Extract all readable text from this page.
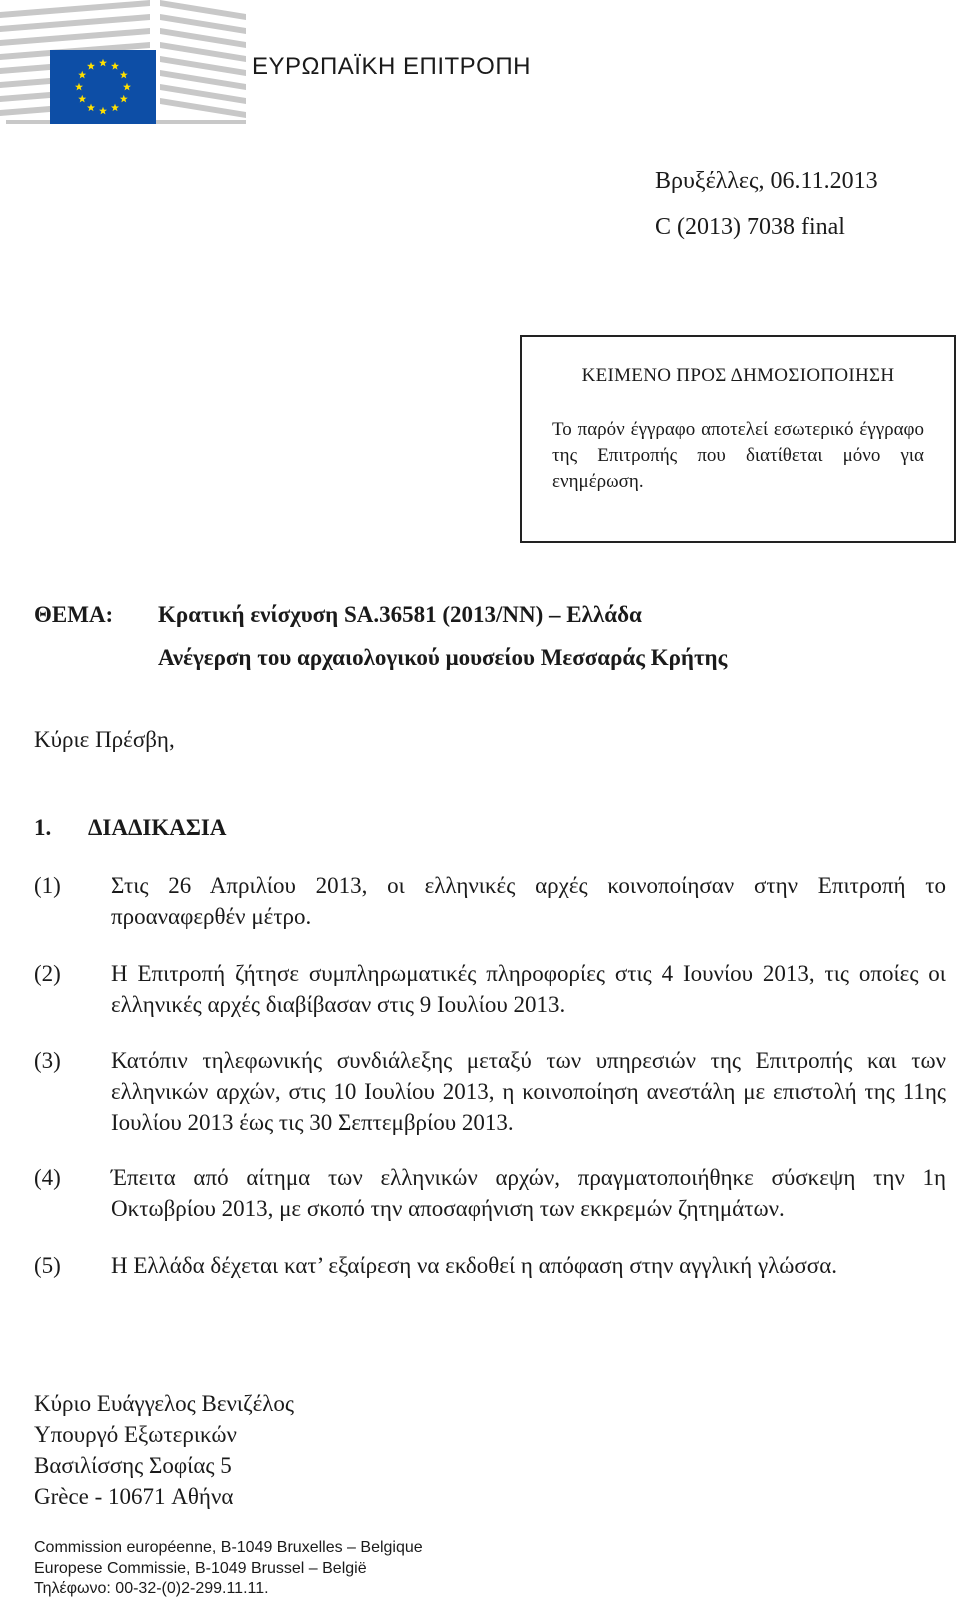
ΕΥΡΩΠΑΪΚΗ ΕΠΙΤΡΟΠΗ
Βρυξέλλες, 06.11.2013
C (2013) 7038 final
ΚΕΙΜΕΝΟ ΠΡΟΣ ΔΗΜΟΣΙΟΠΟΙΗΣΗ
Το παρόν έγγραφο αποτελεί εσωτερικό έγγραφο της Επιτροπής που διατίθεται μόνο για ενημέρωση.
ΘΕΜΑ: Κρατική ενίσχυση SA.36581 (2013/NN) – Ελλάδα
Ανέγερση του αρχαιολογικού μουσείου Μεσσαράς Κρήτης
Κύριε Πρέσβη,
1. ΔΙΑΔΙΚΑΣΙΑ
(1) Στις 26 Απριλίου 2013, οι ελληνικές αρχές κοινοποίησαν στην Επιτροπή το προαναφερθέν μέτρο.
(2) Η Επιτροπή ζήτησε συμπληρωματικές πληροφορίες στις 4 Ιουνίου 2013, τις οποίες οι ελληνικές αρχές διαβίβασαν στις 9 Ιουλίου 2013.
(3) Κατόπιν τηλεφωνικής συνδιάλεξης μεταξύ των υπηρεσιών της Επιτροπής και των ελληνικών αρχών, στις 10 Ιουλίου 2013, η κοινοποίηση ανεστάλη με επιστολή της 11ης Ιουλίου 2013 έως τις 30 Σεπτεμβρίου 2013.
(4) Έπειτα από αίτημα των ελληνικών αρχών, πραγματοποιήθηκε σύσκεψη την 1η Οκτωβρίου 2013, με σκοπό την αποσαφήνιση των εκκρεμών ζητημάτων.
(5) Η Ελλάδα δέχεται κατ’ εξαίρεση να εκδοθεί η απόφαση στην αγγλική γλώσσα.
Κύριο Ευάγγελος Βενιζέλος
Υπουργό Εξωτερικών
Βασιλίσσης Σοφίας 5
Grèce - 10671 Αθήνα
Commission européenne, B-1049 Bruxelles – Belgique
Europese Commissie, B-1049 Brussel – België
Τηλέφωνο: 00-32-(0)2-299.11.11.
